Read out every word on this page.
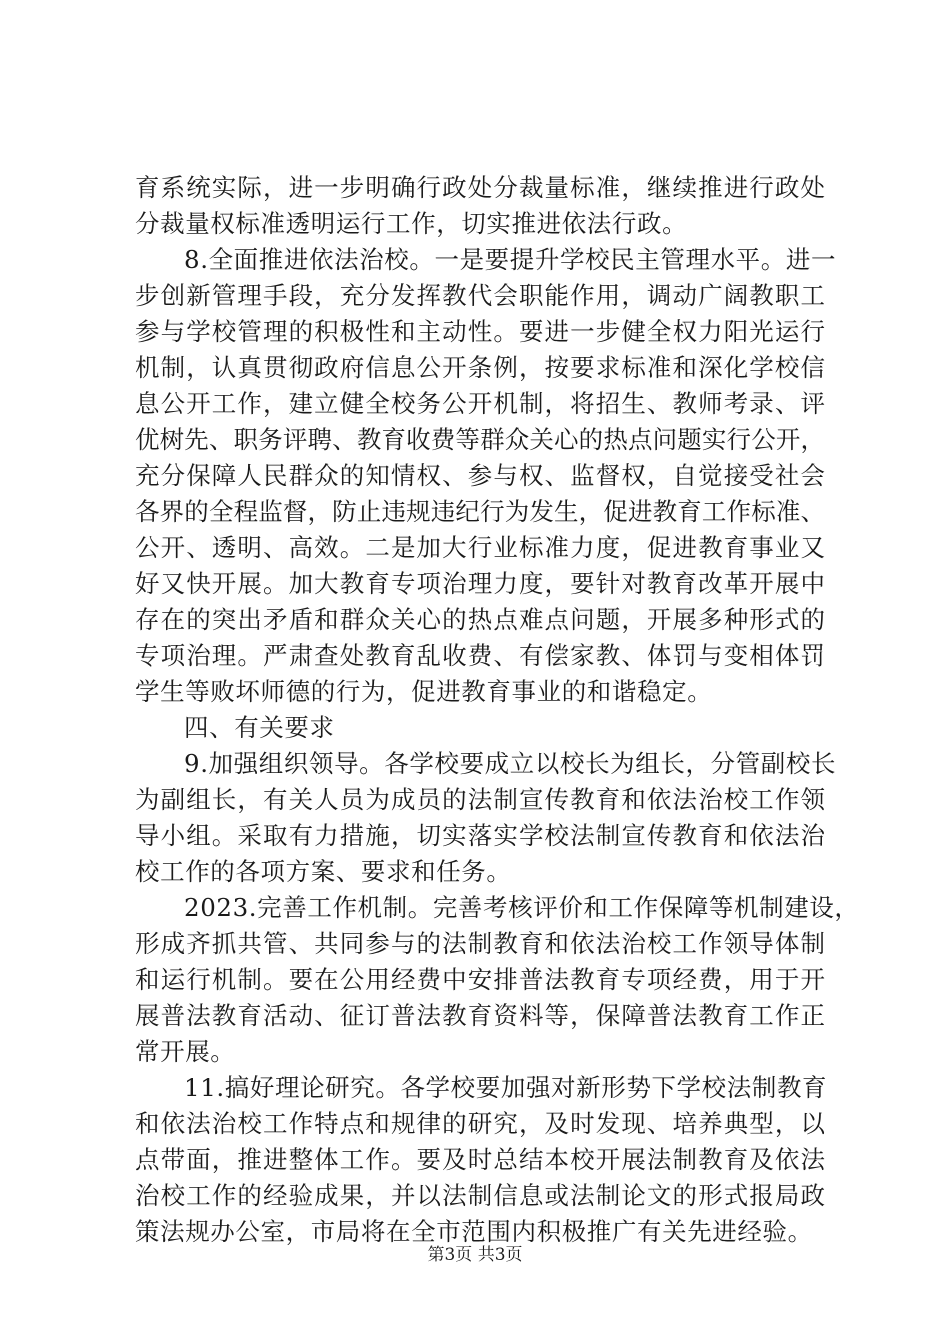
育系统实际，进一步明确行政处分裁量标准，继续推进行政处
分裁量权标准透明运行工作，切实推进依法行政。
8.全面推进依法治校。一是要提升学校民主管理水平。进一
步创新管理手段，充分发挥教代会职能作用，调动广阔教职工
参与学校管理的积极性和主动性。要进一步健全权力阳光运行
机制，认真贯彻政府信息公开条例，按要求标准和深化学校信
息公开工作，建立健全校务公开机制，将招生、教师考录、评
优树先、职务评聘、教育收费等群众关心的热点问题实行公开，
充分保障人民群众的知情权、参与权、监督权，自觉接受社会
各界的全程监督，防止违规违纪行为发生，促进教育工作标准、
公开、透明、高效。二是加大行业标准力度，促进教育事业又
好又快开展。加大教育专项治理力度，要针对教育改革开展中
存在的突出矛盾和群众关心的热点难点问题，开展多种形式的
专项治理。严肃查处教育乱收费、有偿家教、体罚与变相体罚
学生等败坏师德的行为，促进教育事业的和谐稳定。
四、有关要求
9.加强组织领导。各学校要成立以校长为组长，分管副校长
为副组长，有关人员为成员的法制宣传教育和依法治校工作领
导小组。采取有力措施，切实落实学校法制宣传教育和依法治
校工作的各项方案、要求和任务。
2023.完善工作机制。完善考核评价和工作保障等机制建设，
形成齐抓共管、共同参与的法制教育和依法治校工作领导体制
和运行机制。要在公用经费中安排普法教育专项经费，用于开
展普法教育活动、征订普法教育资料等，保障普法教育工作正
常开展。
11.搞好理论研究。各学校要加强对新形势下学校法制教育
和依法治校工作特点和规律的研究，及时发现、培养典型，以
点带面，推进整体工作。要及时总结本校开展法制教育及依法
治校工作的经验成果，并以法制信息或法制论文的形式报局政
策法规办公室，市局将在全市范围内积极推广有关先进经验。
第3页 共3页
